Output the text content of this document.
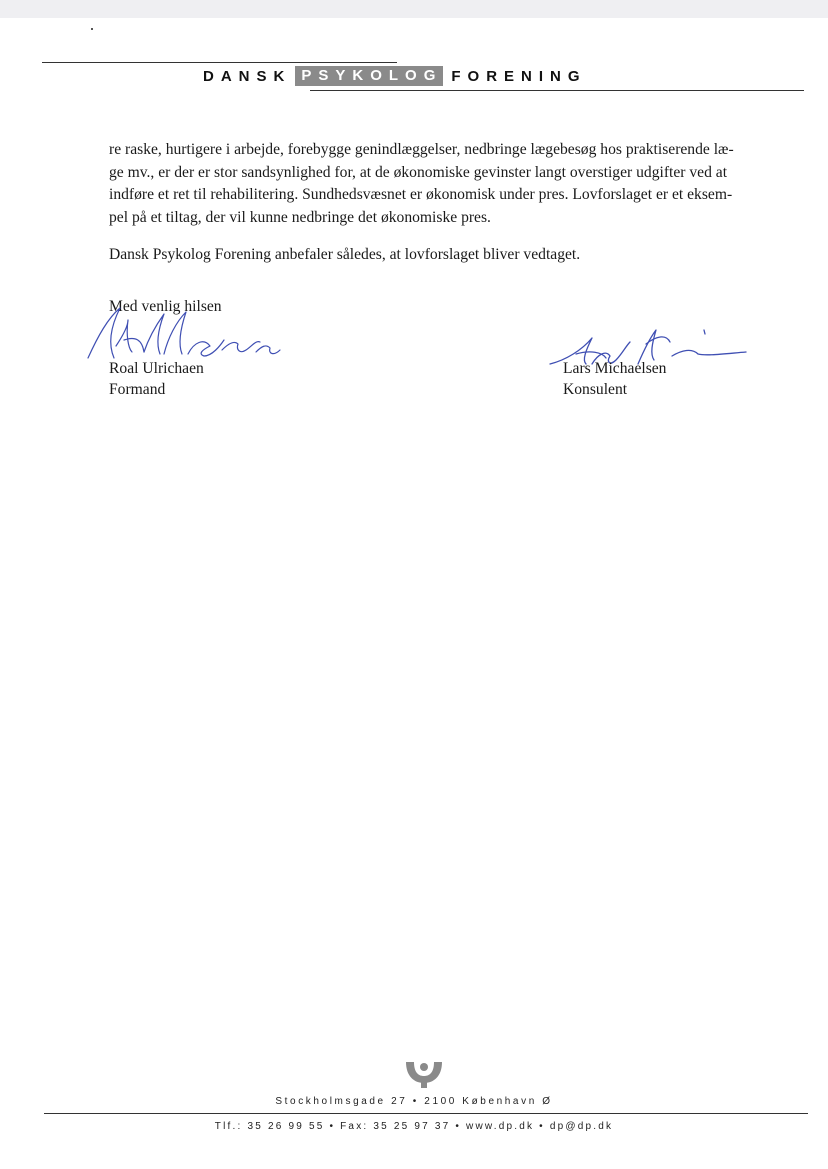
DANSK PSYKOLOG FORENING

re raske, hurtigere i arbejde, forebygge genindlæggelser, nedbringe lægebesøg hos praktiserende læ-
ge mv., er der er stor sandsynlighed for, at de økonomiske gevinster langt overstiger udgifter ved at
indføre et ret til rehabilitering. Sundhedsvæsnet er økonomisk under pres. Lovforslaget er et eksem-
pel på et tiltag, der vil kunne nedbringe det økonomiske pres.

Dansk Psykolog Forening anbefaler således, at lovforslaget bliver vedtaget.

Med venlig hilsen
Roal Ulrichaen
Formand
Lars Michaelsen
Konsulent
Stockholmsgade 27 • 2100 København Ø
Tlf.: 35 26 99 55 • Fax: 35 25 97 37 • www.dp.dk • dp@dp.dk
